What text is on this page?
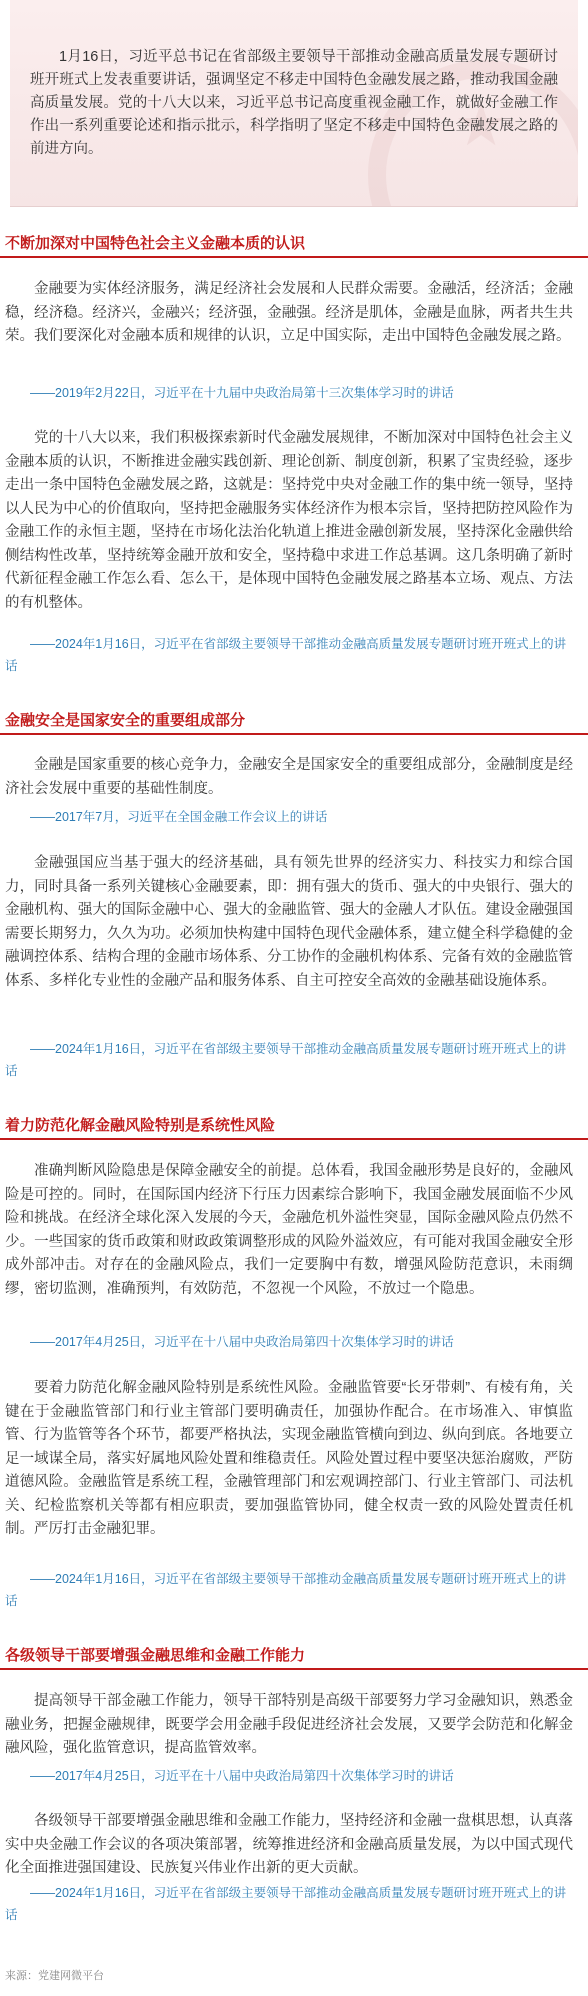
★
1月16日，习近平总书记在省部级主要领导干部推动金融高质量发展专题研讨班开班式上发表重要讲话，强调坚定不移走中国特色金融发展之路，推动我国金融高质量发展。党的十八大以来，习近平总书记高度重视金融工作，就做好金融工作作出一系列重要论述和指示批示，科学指明了坚定不移走中国特色金融发展之路的前进方向。
不断加深对中国特色社会主义金融本质的认识
金融要为实体经济服务，满足经济社会发展和人民群众需要。金融活，经济活；金融稳，经济稳。经济兴，金融兴；经济强，金融强。经济是肌体，金融是血脉，两者共生共荣。我们要深化对金融本质和规律的认识，立足中国实际，走出中国特色金融发展之路。
——2019年2月22日，习近平在十九届中央政治局第十三次集体学习时的讲话
党的十八大以来，我们积极探索新时代金融发展规律，不断加深对中国特色社会主义金融本质的认识，不断推进金融实践创新、理论创新、制度创新，积累了宝贵经验，逐步走出一条中国特色金融发展之路，这就是：坚持党中央对金融工作的集中统一领导，坚持以人民为中心的价值取向，坚持把金融服务实体经济作为根本宗旨，坚持把防控风险作为金融工作的永恒主题，坚持在市场化法治化轨道上推进金融创新发展，坚持深化金融供给侧结构性改革，坚持统筹金融开放和安全，坚持稳中求进工作总基调。这几条明确了新时代新征程金融工作怎么看、怎么干，是体现中国特色金融发展之路基本立场、观点、方法的有机整体。
——2024年1月16日，习近平在省部级主要领导干部推动金融高质量发展专题研讨班开班式上的讲话
金融安全是国家安全的重要组成部分
金融是国家重要的核心竞争力，金融安全是国家安全的重要组成部分，金融制度是经济社会发展中重要的基础性制度。
——2017年7月，习近平在全国金融工作会议上的讲话
金融强国应当基于强大的经济基础，具有领先世界的经济实力、科技实力和综合国力，同时具备一系列关键核心金融要素，即：拥有强大的货币、强大的中央银行、强大的金融机构、强大的国际金融中心、强大的金融监管、强大的金融人才队伍。建设金融强国需要长期努力，久久为功。必须加快构建中国特色现代金融体系，建立健全科学稳健的金融调控体系、结构合理的金融市场体系、分工协作的金融机构体系、完备有效的金融监管体系、多样化专业性的金融产品和服务体系、自主可控安全高效的金融基础设施体系。
——2024年1月16日，习近平在省部级主要领导干部推动金融高质量发展专题研讨班开班式上的讲话
着力防范化解金融风险特别是系统性风险
准确判断风险隐患是保障金融安全的前提。总体看，我国金融形势是良好的，金融风险是可控的。同时，在国际国内经济下行压力因素综合影响下，我国金融发展面临不少风险和挑战。在经济全球化深入发展的今天，金融危机外溢性突显，国际金融风险点仍然不少。一些国家的货币政策和财政政策调整形成的风险外溢效应，有可能对我国金融安全形成外部冲击。对存在的金融风险点，我们一定要胸中有数，增强风险防范意识，未雨绸缪，密切监测，准确预判，有效防范，不忽视一个风险，不放过一个隐患。
——2017年4月25日，习近平在十八届中央政治局第四十次集体学习时的讲话
要着力防范化解金融风险特别是系统性风险。金融监管要“长牙带刺”、有棱有角，关键在于金融监管部门和行业主管部门要明确责任，加强协作配合。在市场准入、审慎监管、行为监管等各个环节，都要严格执法，实现金融监管横向到边、纵向到底。各地要立足一域谋全局，落实好属地风险处置和维稳责任。风险处置过程中要坚决惩治腐败，严防道德风险。金融监管是系统工程，金融管理部门和宏观调控部门、行业主管部门、司法机关、纪检监察机关等都有相应职责，要加强监管协同，健全权责一致的风险处置责任机制。严厉打击金融犯罪。
——2024年1月16日，习近平在省部级主要领导干部推动金融高质量发展专题研讨班开班式上的讲话
各级领导干部要增强金融思维和金融工作能力
提高领导干部金融工作能力，领导干部特别是高级干部要努力学习金融知识，熟悉金融业务，把握金融规律，既要学会用金融手段促进经济社会发展，又要学会防范和化解金融风险，强化监管意识，提高监管效率。
——2017年4月25日，习近平在十八届中央政治局第四十次集体学习时的讲话
各级领导干部要增强金融思维和金融工作能力，坚持经济和金融一盘棋思想，认真落实中央金融工作会议的各项决策部署，统筹推进经济和金融高质量发展，为以中国式现代化全面推进强国建设、民族复兴伟业作出新的更大贡献。
——2024年1月16日，习近平在省部级主要领导干部推动金融高质量发展专题研讨班开班式上的讲话
来源：党建网微平台
